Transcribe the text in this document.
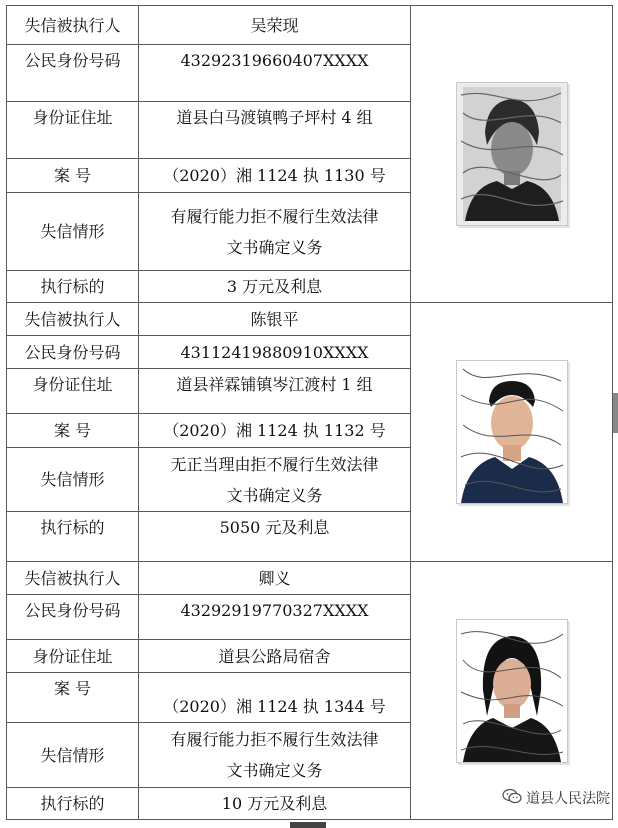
失信被执行人	吴荣现	

公民身份号码	43292319660407XXXX	
身份证住址	道县白马渡镇鸭子坪村 4 组	
案 号	（2020）湘 1124 执 1130 号	
失信情形	有履行能力拒不履行生效法律
文书确定义务	

执行标的	3 万元及利息	
失信被执行人	陈银平	

公民身份号码	43112419880910XXXX	
身份证住址	道县祥霖铺镇岑江渡村 1 组	
案 号	（2020）湘 1124 执 1132 号	
失信情形	无正当理由拒不履行生效法律
文书确定义务	

执行标的	5050 元及利息	
失信被执行人	卿义	

公民身份号码	43292919770327XXXX	
身份证住址	道县公路局宿舍	
案 号	（2020）湘 1124 执 1344 号	
失信情形	有履行能力拒不履行生效法律
文书确定义务	

执行标的	10 万元及利息		道县人民法院
